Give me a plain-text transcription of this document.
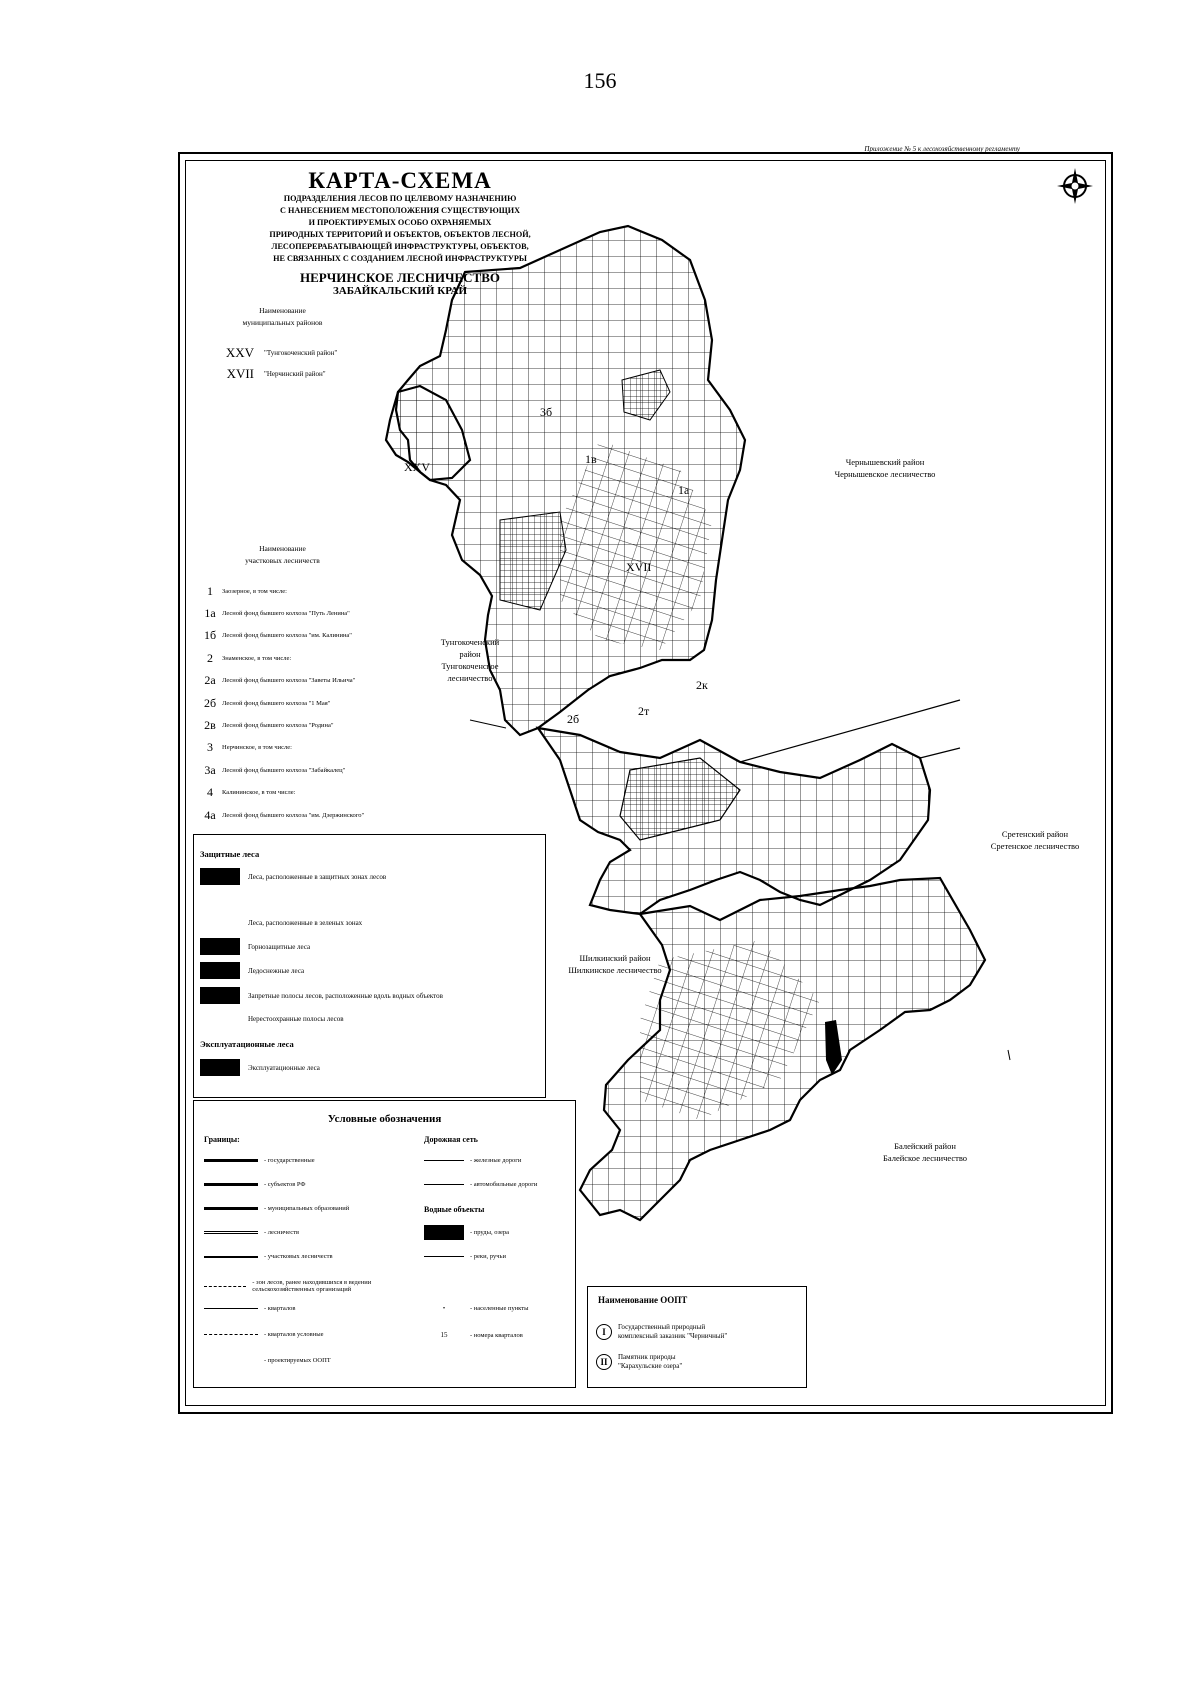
156
Приложение № 5 к лесохозяйственному регламенту
1а
1в
3б
XVII
XXV
2к
2б
2т
КАРТА-СХЕМА
ПОДРАЗДЕЛЕНИЯ ЛЕСОВ ПО ЦЕЛЕВОМУ НАЗНАЧЕНИЮ
С НАНЕСЕНИЕМ МЕСТОПОЛОЖЕНИЯ СУЩЕСТВУЮЩИХ
И ПРОЕКТИРУЕМЫХ ОСОБО ОХРАНЯЕМЫХ
ПРИРОДНЫХ ТЕРРИТОРИЙ И ОБЪЕКТОВ, ОБЪЕКТОВ ЛЕСНОЙ,
ЛЕСОПЕРЕРАБАТЫВАЮЩЕЙ ИНФРАСТРУКТУРЫ, ОБЪЕКТОВ,
НЕ СВЯЗАННЫХ С СОЗДАНИЕМ ЛЕСНОЙ ИНФРАСТРУКТУРЫ
НЕРЧИНСКОЕ ЛЕСНИЧЕСТВО
ЗАБАЙКАЛЬСКИЙ КРАЙ
Наименование
муниципальных районов
XXV "Тунгокоченский район"
XVII "Нерчинский район"
Наименование
участковых лесничеств
1	Заозерное, в том числе:
1а Лесной фонд бывшего колхоза "Путь Ленина"
1б Лесной фонд бывшего колхоза "им. Калинина"
2	Знаменское, в том числе:
2а Лесной фонд бывшего колхоза "Заветы Ильича"
2б Лесной фонд бывшего колхоза "1 Мая"
2в Лесной фонд бывшего колхоза "Родина"
3	Нерчинское, в том числе:
3а Лесной фонд бывшего колхоза "Забайкалец"
4	Калининское, в том числе:
4а Лесной фонд бывшего колхоза "им. Дзержинского"
Чернышевский район
Чернышевское лесничество
Тунгокоченский
район
Тунгокоченское
лесничество
Сретенский район
Сретенское лесничество
Шилкинский район
Шилкинское лесничество
Балейский район
Балейское лесничество
Защитные леса
Леса, расположенные в защитных зонах лесов
Леса, расположенные в зеленых зонах
Горнозащитные леса
Ледоснежные леса
Запретные полосы лесов, расположенные вдоль водных объектов
Нерестоохранные полосы лесов
Эксплуатационные леса
Эксплуатационные леса
Условные обозначения
Границы:	Дорожная сеть
- государственные
- субъектов РФ
- муниципальных образований
- лесничеств
- участковых лесничеств
- зон лесов, ранее находившихся в ведении сельскохозяйственных организаций
- кварталов
- кварталов условные
- проектируемых ООПТ
- железные дороги
- автомобильные дороги
Водные объекты
- пруды, озера
- реки, ручьи
•	- населенные пункты
15	- номера кварталов
Наименование ООПТ
I	Государственный природный
комплексный заказник "Черничный"
II	Памятник природы
"Карахульские озера"
